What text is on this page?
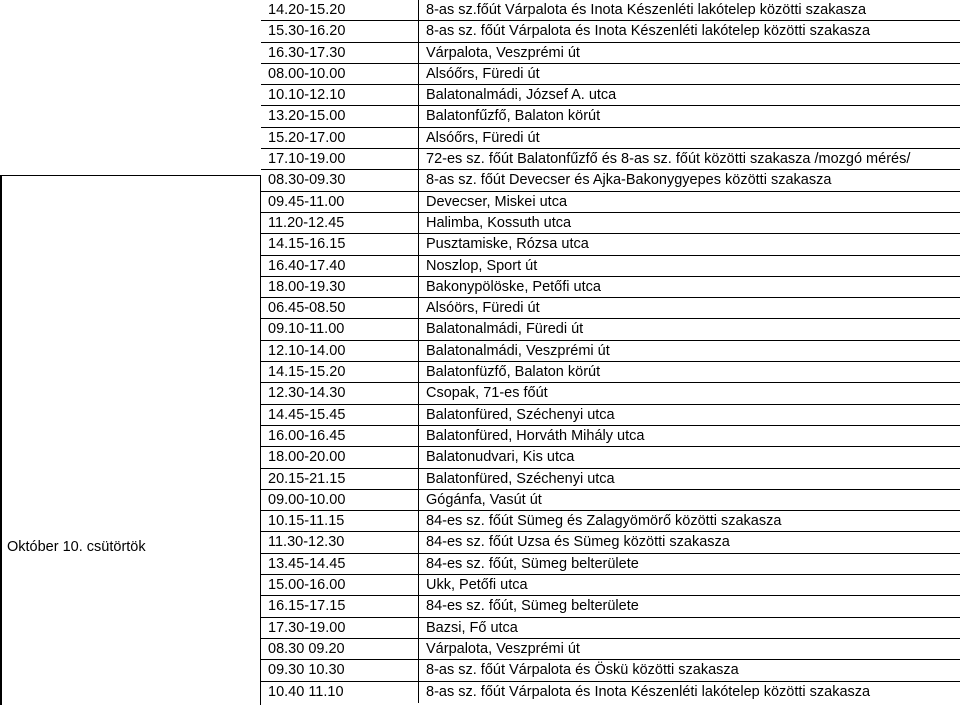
Október 10. csütörtök
14.20-15.20	8-as sz.főút Várpalota és Inota Készenléti lakótelep közötti szakasza
15.30-16.20	8-as sz. főút Várpalota és Inota Készenléti lakótelep közötti szakasza
16.30-17.30	Várpalota, Veszprémi út
08.00-10.00	Alsóőrs, Füredi út
10.10-12.10	Balatonalmádi, József A. utca
13.20-15.00	Balatonfűzfő, Balaton körút
15.20-17.00	Alsóőrs, Füredi út
17.10-19.00	72-es sz. főút Balatonfűzfő és 8-as sz. főút közötti szakasza /mozgó mérés/
08.30-09.30	8-as sz. főút Devecser és Ajka-Bakonygyepes közötti szakasza
09.45-11.00	Devecser, Miskei utca
11.20-12.45	Halimba, Kossuth utca
14.15-16.15	Pusztamiske, Rózsa utca
16.40-17.40	Noszlop, Sport út
18.00-19.30	Bakonypölöske, Petőfi utca
06.45-08.50	Alsóörs, Füredi út
09.10-11.00	Balatonalmádi, Füredi út
12.10-14.00	Balatonalmádi, Veszprémi út
14.15-15.20	Balatonfüzfő, Balaton körút
12.30-14.30	Csopak, 71-es főút
14.45-15.45	Balatonfüred, Széchenyi utca
16.00-16.45	Balatonfüred, Horváth Mihály utca
18.00-20.00	Balatonudvari, Kis utca
20.15-21.15	Balatonfüred, Széchenyi utca
09.00-10.00	Gógánfa, Vasút út
10.15-11.15	84-es sz. főút Sümeg és Zalagyömörő közötti szakasza
11.30-12.30	84-es sz. főút Uzsa és Sümeg közötti szakasza
13.45-14.45	84-es sz. főút, Sümeg belterülete
15.00-16.00	Ukk, Petőfi utca
16.15-17.15	84-es sz. főút, Sümeg belterülete
17.30-19.00	Bazsi, Fő utca
08.30 09.20	Várpalota, Veszprémi út
09.30 10.30	8-as sz. főút Várpalota és Öskü közötti szakasza
10.40 11.10	8-as sz. főút Várpalota és Inota Készenléti lakótelep közötti szakasza
